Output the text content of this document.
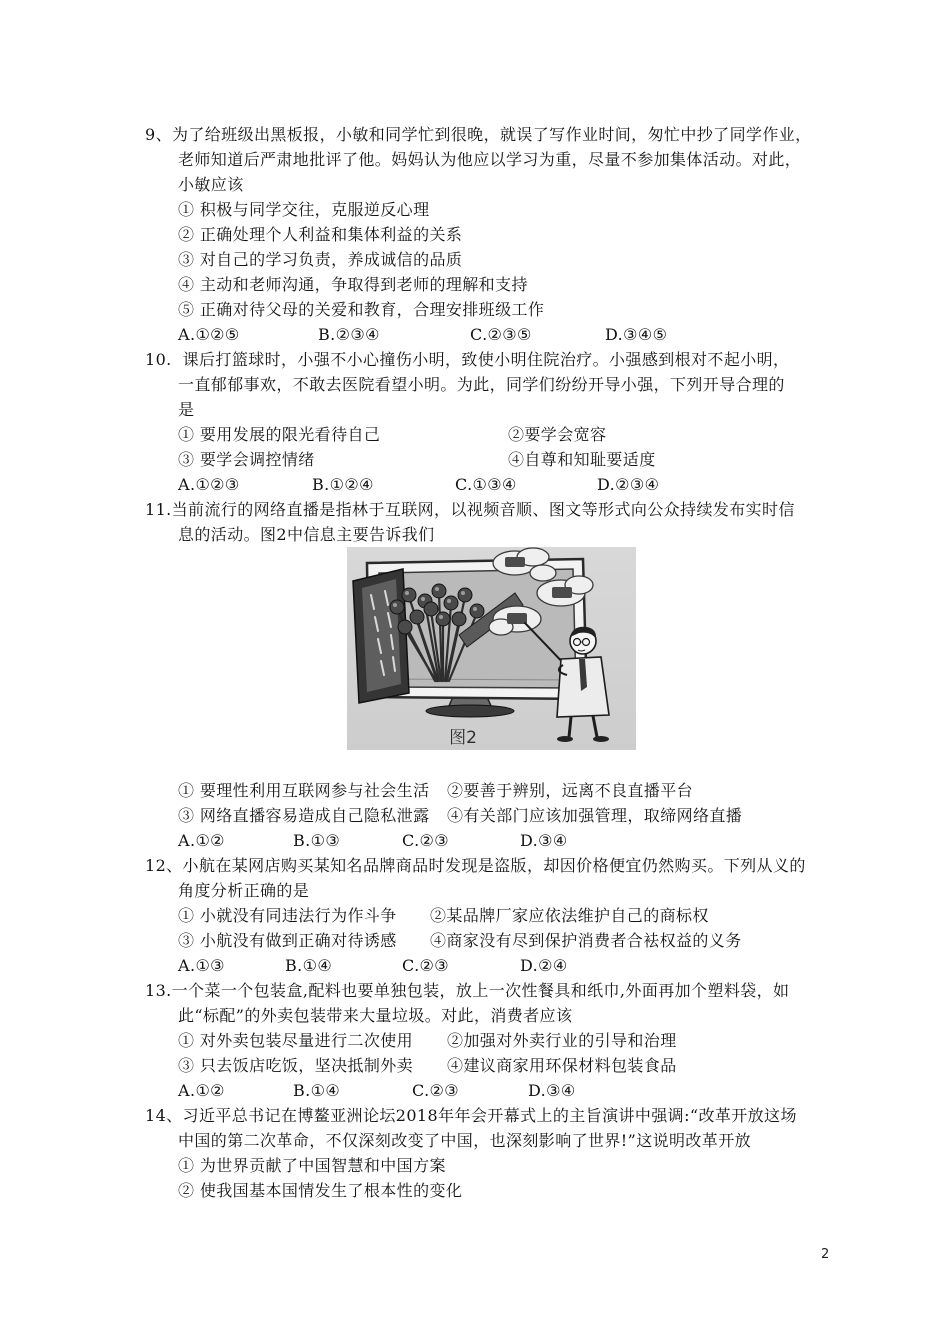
9、为了给班级出黑板报，小敏和同学忙到很晚，就误了写作业时间，匆忙中抄了同学作业，
老师知道后严肃地批评了他。妈妈认为他应以学习为重，尽量不参加集体活动。对此，
小敏应该
① 积极与同学交往，克服逆反心理
② 正确处理个人利益和集体利益的关系
③ 对自己的学习负责，养成诚信的品质
④ 主动和老师沟通，争取得到老师的理解和支持
⑤ 正确对待父母的关爱和教育，合理安排班级工作

A.①②⑤

	B.②③④

	C.②③⑤

	D.③④⑤

10.  课后打篮球时，小强不小心撞伤小明，致使小明住院治疗。小强感到根对不起小明，
一直郁郁事欢，不敢去医院看望小明。为此，同学们纷纷开导小强，下列开导合理的
是

① 要用发展的限光看待自己

	②要学会宽容

③ 要学会调控情绪

	④自尊和知耻要适度

A.①②③

	B.①②④

	C.①③④

	D.②③④

11.当前流行的网络直播是指林于互联网，以视频音顺、图文等形式向公众持续发布实时信
息的活动。图2中信息主要告诉我们
图2

① 要理性利用互联网参与社会生活

②要善于辨别，远离不良直播平台

③ 网络直播容易造成自己隐私泄露

④有关部门应该加强管理，取缔网络直播

A.①②

	B.①③

	C.②③

	D.③④

12、小航在某网店购买某知名品牌商品时发现是盗版，却因价格便宜仍然购买。下列从义的
角度分析正确的是

① 小就没有同违法行为作斗争

②某品牌厂家应依法维护自己的商标权

③ 小航没有做到正确对待诱感

④商家没有尽到保护消费者合袪权益的义务

A.①③

	B.①④

	C.②③

	D.②④

13.一个菜一个包装盒,配料也要单独包装，放上一次性餐具和纸巾,外面再加个塑料袋，如
此“标配”的外卖包装带来大量垃圾。对此，消费者应该

① 对外卖包装尽量进行二次使用

②加强对外卖行业的引导和治理

③ 只去饭店吃饭，坚决抵制外卖

④建议商家用环保材料包装食品

A.①②

	B.①④

	C.②③

	D.③④

14、习近平总书记在博鳌亚洲论坛2018年年会开幕式上的主旨演讲中强调:“改革开放这场
中国的第二次革命，不仅深刻改变了中国，也深刻影响了世界!”这说明改革开放
① 为世界贡献了中国智慧和中国方案
② 使我国基本国情发生了根本性的变化
2
